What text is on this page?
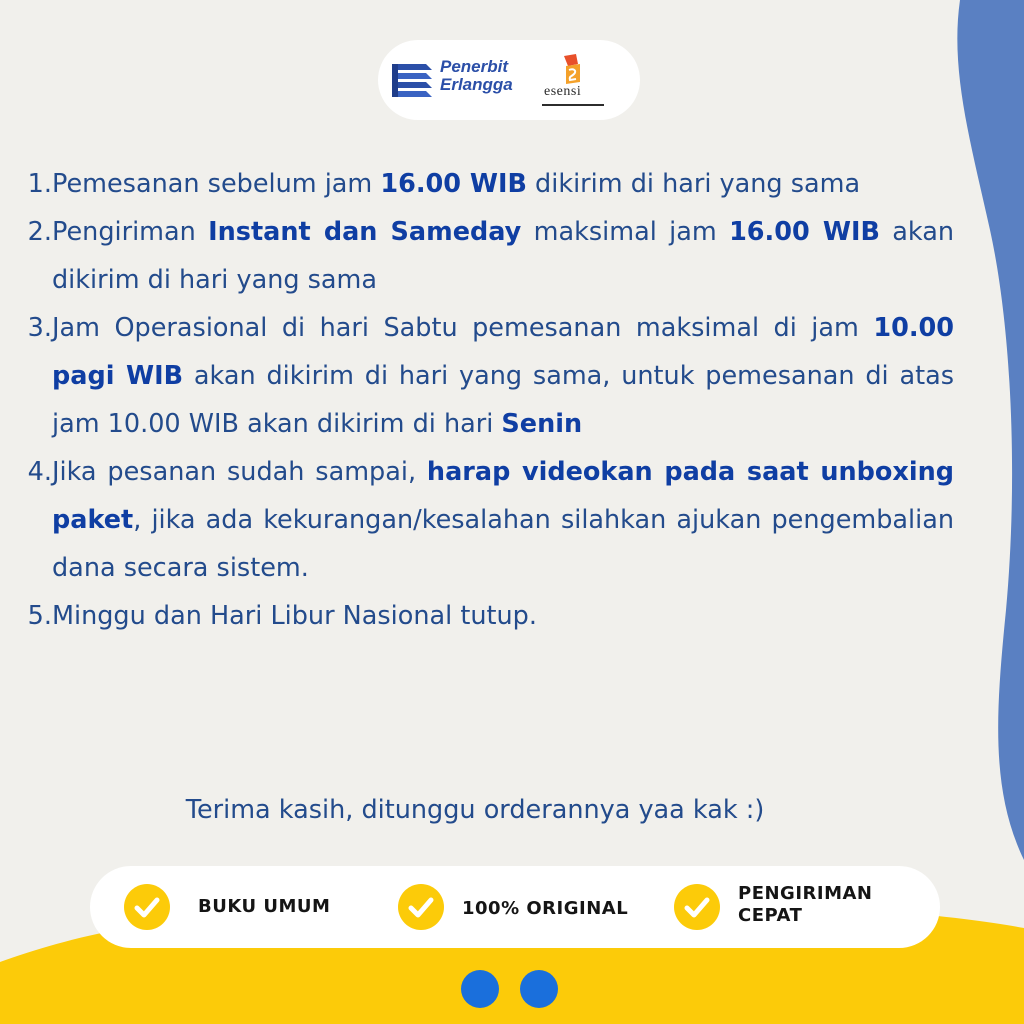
Penerbit
Erlangga esensi
1. Pemesanan sebelum jam 16.00 WIB dikirim di hari yang sama
2. Pengiriman Instant dan Sameday maksimal jam 16.00 WIB akan dikirim di hari yang sama
3. Jam Operasional di hari Sabtu pemesanan maksimal di jam 10.00 pagi WIB akan dikirim di hari yang sama, untuk pemesanan di atas jam 10.00 WIB akan dikirim di hari Senin
4. Jika pesanan sudah sampai, harap videokan pada saat unboxing paket, jika ada kekurangan/kesalahan silahkan ajukan pengembalian dana secara sistem.
5. Minggu dan Hari Libur Nasional tutup.
Terima kasih, ditunggu orderannya yaa kak :)

BUKU UMUM	100% ORIGINAL

PENGIRIMAN
CEPAT
